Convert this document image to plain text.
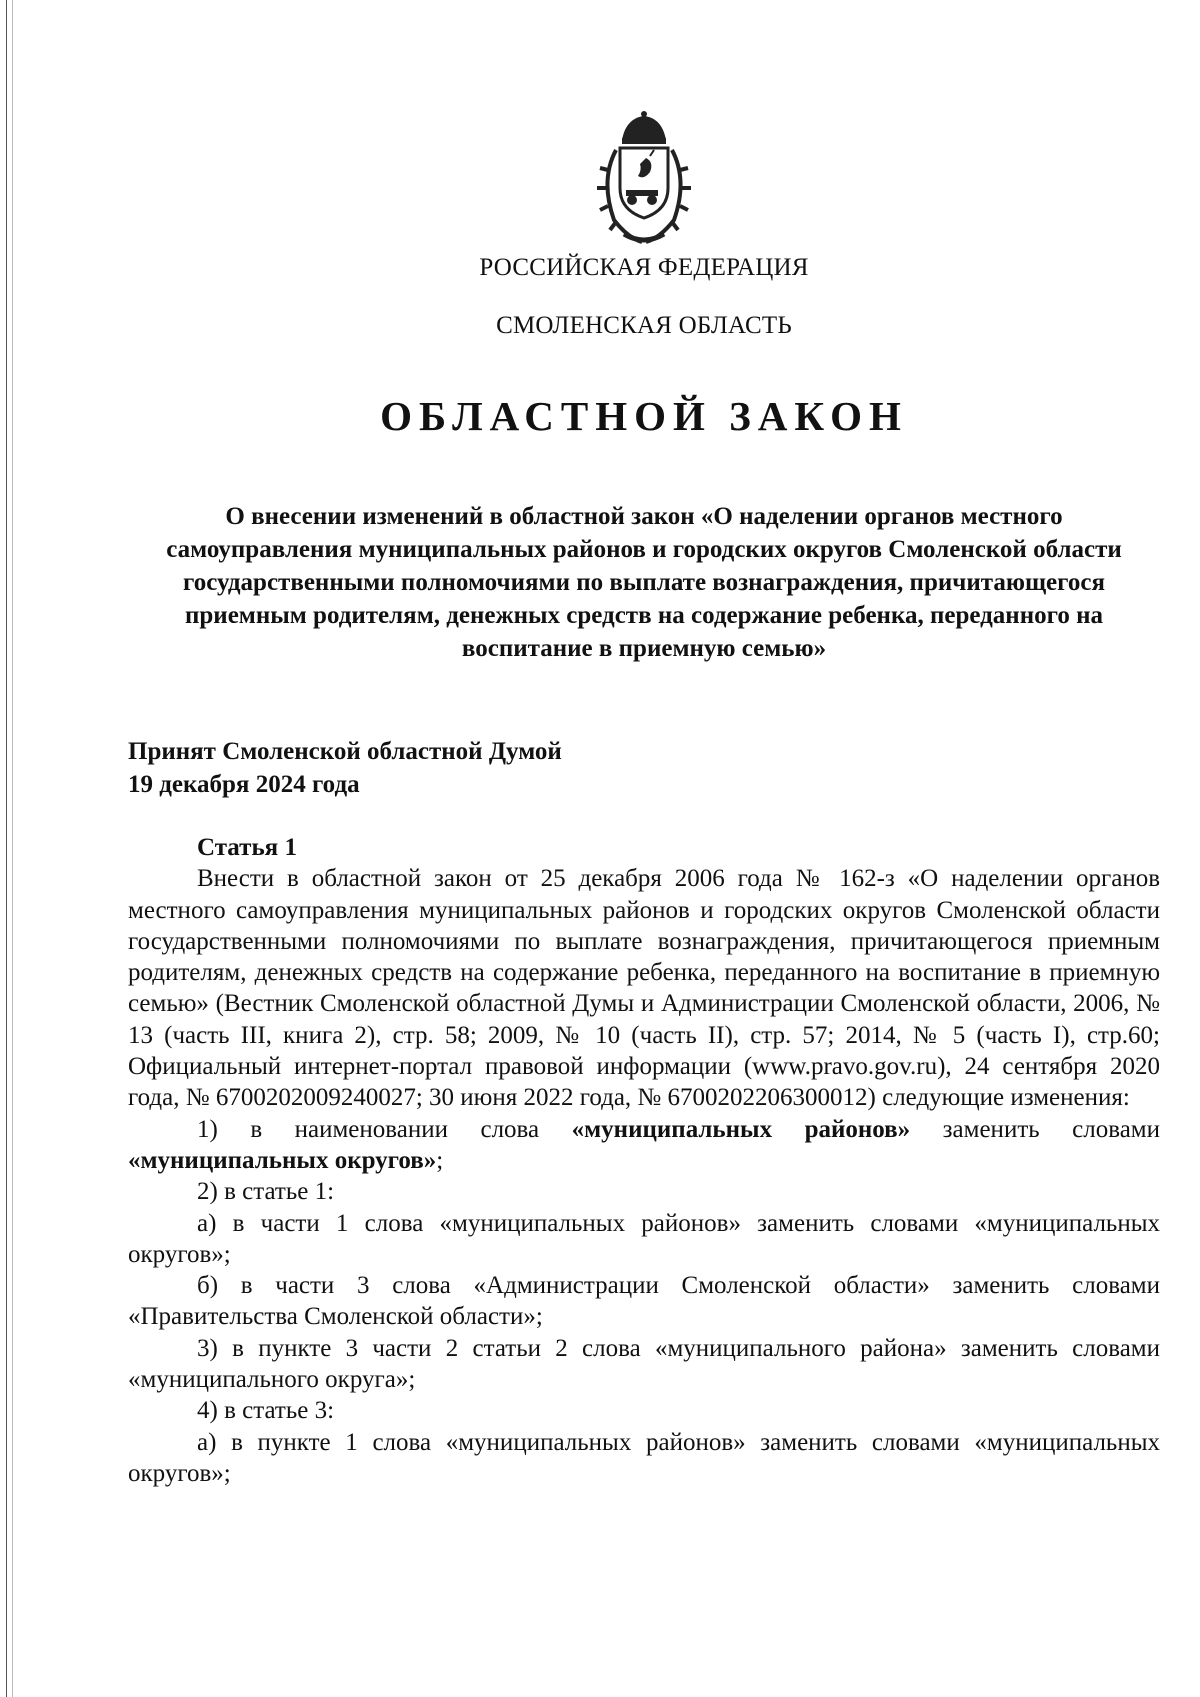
РОССИЙСКАЯ ФЕДЕРАЦИЯ
СМОЛЕНСКАЯ ОБЛАСТЬ
ОБЛАСТНОЙ ЗАКОН
О внесении изменений в областной закон «О наделении органов местного самоуправления муниципальных районов и городских округов Смоленской области государственными полномочиями по выплате вознаграждения, причитающегося приемным родителям, денежных средств на содержание ребенка, переданного на воспитание в приемную семью»
Принят Смоленской областной Думой
19 декабря 2024 года
Статья 1

Внести в областной закон от 25 декабря 2006 года № 162-з «О наделении органов местного самоуправления муниципальных районов и городских округов Смоленской области государственными полномочиями по выплате вознаграждения, причитающегося приемным родителям, денежных средств на содержание ребенка, переданного на воспитание в приемную семью» (Вестник Смоленской областной Думы и Администрации Смоленской области, 2006, № 13 (часть III, книга 2), стр. 58; 2009, № 10 (часть II), стр. 57; 2014, № 5 (часть I), стр.60; Официальный интернет-портал правовой информации (www.pravo.gov.ru), 24 сентября 2020 года, № 6700202009240027; 30 июня 2022 года, № 6700202206300012) следующие изменения:

1) в наименовании слова «муниципальных районов» заменить словами «муниципальных округов»;

2) в статье 1:

а) в части 1 слова «муниципальных районов» заменить словами «муниципальных округов»;

б) в части 3 слова «Администрации Смоленской области» заменить словами «Правительства Смоленской области»;

3) в пункте 3 части 2 статьи 2 слова «муниципального района» заменить словами «муниципального округа»;

4) в статье 3:

а) в пункте 1 слова «муниципальных районов» заменить словами «муниципальных округов»;
